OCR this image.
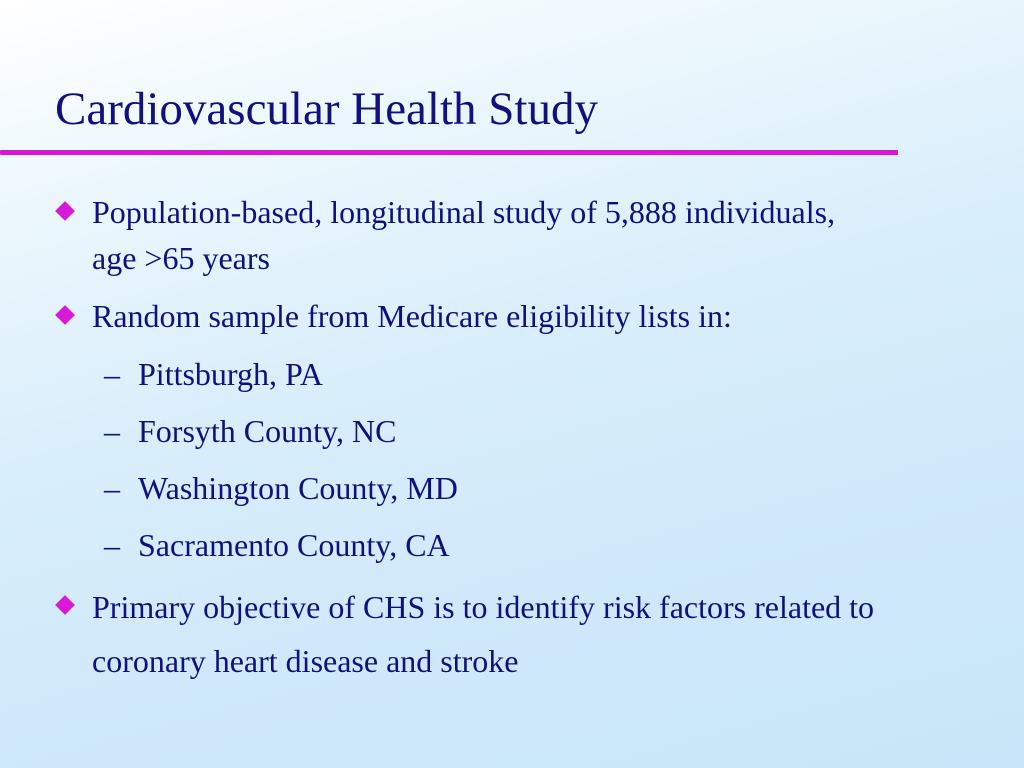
Cardiovascular Health Study
Population-based, longitudinal study of 5,888 individuals, age >65 years
Random sample from Medicare eligibility lists in:
– Pittsburgh, PA
– Forsyth County, NC
– Washington County, MD
– Sacramento County, CA
Primary objective of CHS is to identify risk factors related to coronary heart disease and stroke
